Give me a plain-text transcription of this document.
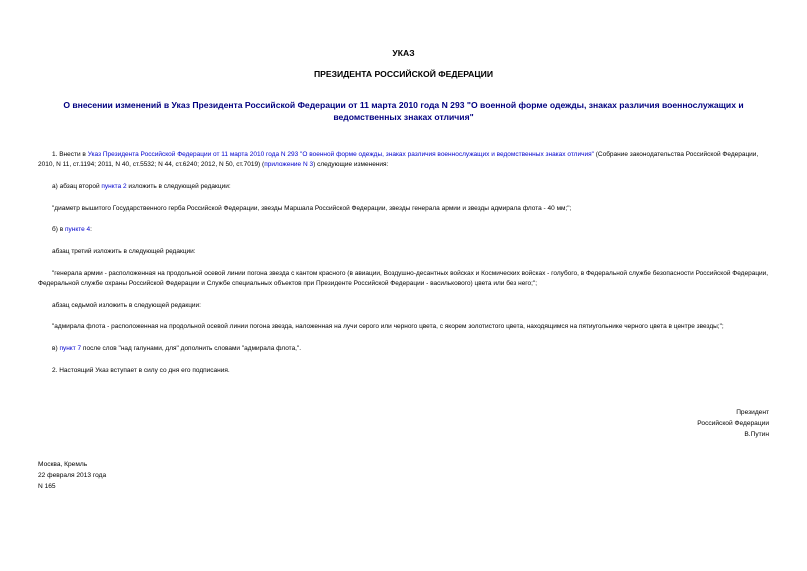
УКАЗ
ПРЕЗИДЕНТА РОССИЙСКОЙ ФЕДЕРАЦИИ
О внесении изменений в Указ Президента Российской Федерации от 11 марта 2010 года N 293 "О военной форме одежды, знаках различия военнослужащих и ведомственных знаках отличия"

1. Внести в Указ Президента Российской Федерации от 11 марта 2010 года N 293 "О военной форме одежды, знаках различия военнослужащих и ведомственных знаках отличия" (Собрание законодательства Российской Федерации, 2010, N 11, ст.1194; 2011, N 40, ст.5532; N 44, ст.6240; 2012, N 50, ст.7019) (приложение N 3) следующие изменения:

а) абзац второй пункта 2 изложить в следующей редакции:

"диаметр вышитого Государственного герба Российской Федерации, звезды Маршала Российской Федерации, звезды генерала армии и звезды адмирала флота - 40 мм;";

б) в пункте 4:

абзац третий изложить в следующей редакции:

"генерала армии - расположенная на продольной осевой линии погона звезда с кантом красного (в авиации, Воздушно-десантных войсках и Космических войсках - голубого, в Федеральной службе безопасности Российской Федерации, Федеральной службе охраны Российской Федерации и Службе специальных объектов при Президенте Российской Федерации - василькового) цвета или без него;";

абзац седьмой изложить в следующей редакции:

"адмирала флота - расположенная на продольной осевой линии погона звезда, наложенная на лучи серого или черного цвета, с якорем золотистого цвета, находящимся на пятиугольнике черного цвета в центре звезды;";

в) пункт 7 после слов "над галунами, для" дополнить словами "адмирала флота,".

2. Настоящий Указ вступает в силу со дня его подписания.

Президент
Российской Федерации
В.Путин
Москва, Кремль
22 февраля 2013 года
N 165
